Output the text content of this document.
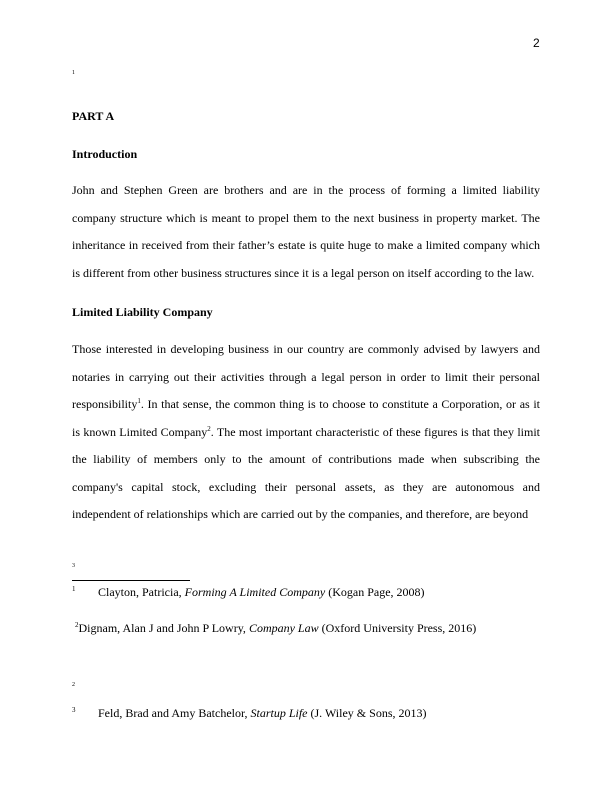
2
1
PART A
Introduction

John and Stephen Green are brothers and are in the process of forming a limited liability company structure which is meant to propel them to the next business in property market. The inheritance in received from their father’s estate is quite huge to make a limited company which is different from other business structures since it is a legal person on itself according to the law.

Limited Liability Company

Those interested in developing business in our country are commonly advised by lawyers and notaries in carrying out their activities through a legal person in order to limit their personal responsibility$^1$. In that sense, the common thing is to choose to constitute a Corporation, or as it is known Limited Company$^2$. The most important characteristic of these figures is that they limit the liability of members only to the amount of contributions made when subscribing the company's capital stock, excluding their personal assets, as they are autonomous and independent of relationships which are carried out by the companies, and therefore, are beyond

3
1 Clayton, Patricia, Forming A Limited Company (Kogan Page, 2008)
2Dignam, Alan J and John P Lowry, Company Law (Oxford University Press, 2016)
2
3 Feld, Brad and Amy Batchelor, Startup Life (J. Wiley & Sons, 2013)
